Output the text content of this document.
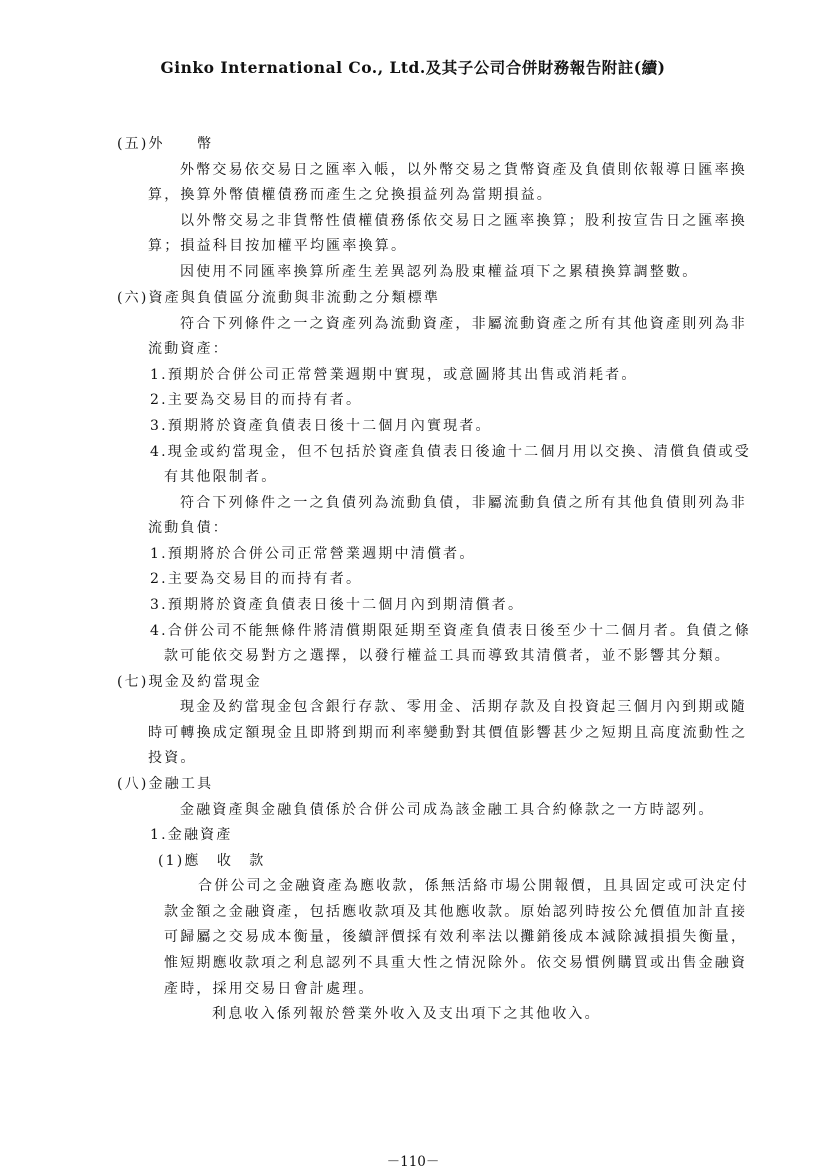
Ginko International Co., Ltd.及其子公司合併財務報告附註(續)
(五)外　　幣
外幣交易依交易日之匯率入帳，以外幣交易之貨幣資產及負債則依報導日匯率換
算，換算外幣債權債務而產生之兌換損益列為當期損益。
以外幣交易之非貨幣性債權債務係依交易日之匯率換算；股利按宣告日之匯率換
算；損益科目按加權平均匯率換算。
因使用不同匯率換算所產生差異認列為股東權益項下之累積換算調整數。
(六)資產與負債區分流動與非流動之分類標準
符合下列條件之一之資產列為流動資產，非屬流動資產之所有其他資產則列為非
流動資產：
1.預期於合併公司正常營業週期中實現，或意圖將其出售或消耗者。
2.主要為交易目的而持有者。
3.預期將於資產負債表日後十二個月內實現者。
4.現金或約當現金，但不包括於資產負債表日後逾十二個月用以交換、清償負債或受
有其他限制者。
符合下列條件之一之負債列為流動負債，非屬流動負債之所有其他負債則列為非
流動負債：
1.預期將於合併公司正常營業週期中清償者。
2.主要為交易目的而持有者。
3.預期將於資產負債表日後十二個月內到期清償者。
4.合併公司不能無條件將清償期限延期至資產負債表日後至少十二個月者。負債之條
款可能依交易對方之選擇，以發行權益工具而導致其清償者，並不影響其分類。
(七)現金及約當現金
現金及約當現金包含銀行存款、零用金、活期存款及自投資起三個月內到期或隨
時可轉換成定額現金且即將到期而利率變動對其價值影響甚少之短期且高度流動性之
投資。
(八)金融工具
金融資產與金融負債係於合併公司成為該金融工具合約條款之一方時認列。
1.金融資產
(1)應　收　款
合併公司之金融資產為應收款，係無活絡市場公開報價，且具固定或可決定付
款金額之金融資產，包括應收款項及其他應收款。原始認列時按公允價值加計直接
可歸屬之交易成本衡量，後續評價採有效利率法以攤銷後成本減除減損損失衡量，
惟短期應收款項之利息認列不具重大性之情況除外。依交易慣例購買或出售金融資
產時，採用交易日會計處理。
利息收入係列報於營業外收入及支出項下之其他收入。
－110－
